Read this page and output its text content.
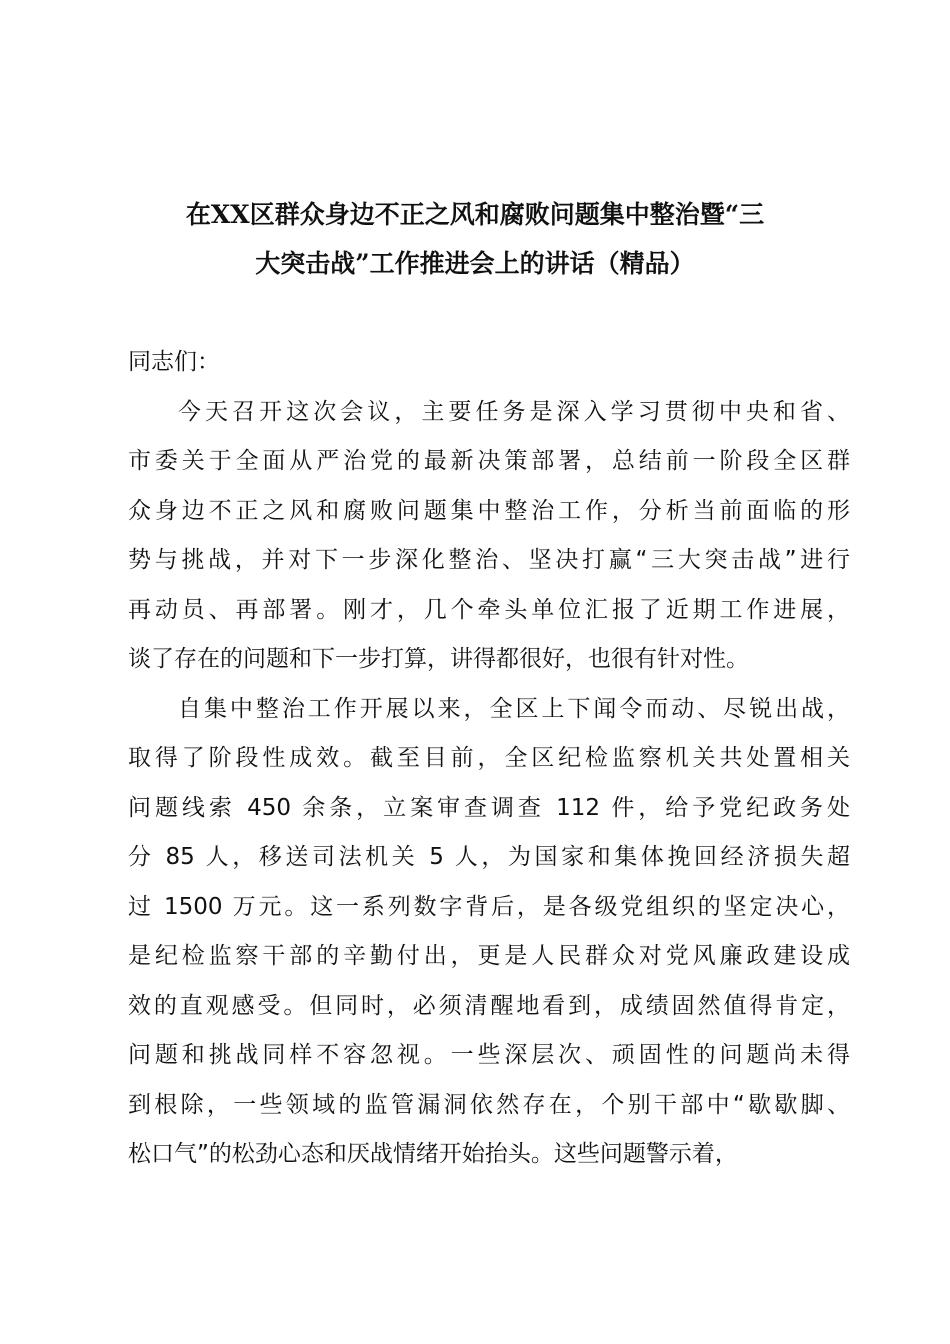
在XX区群众身边不正之风和腐败问题集中整治暨“三
大突击战”工作推进会上的讲话（精品）

同志们：

今天召开这次会议，主要任务是深入学习贯彻中央和省、
市委关于全面从严治党的最新决策部署，总结前一阶段全区群
众身边不正之风和腐败问题集中整治工作，分析当前面临的形
势与挑战，并对下一步深化整治、坚决打赢“三大突击战”进行
再动员、再部署。刚才，几个牵头单位汇报了近期工作进展，
谈了存在的问题和下一步打算，讲得都很好，也很有针对性。

自集中整治工作开展以来，全区上下闻令而动、尽锐出战，
取得了阶段性成效。截至目前，全区纪检监察机关共处置相关
问题线索 450 余条，立案审查调查 112 件，给予党纪政务处
分 85 人，移送司法机关 5 人，为国家和集体挽回经济损失超
过 1500 万元。这一系列数字背后，是各级党组织的坚定决心，
是纪检监察干部的辛勤付出，更是人民群众对党风廉政建设成
效的直观感受。但同时，必须清醒地看到，成绩固然值得肯定，
问题和挑战同样不容忽视。一些深层次、顽固性的问题尚未得
到根除，一些领域的监管漏洞依然存在，个别干部中“歇歇脚、
松口气”的松劲心态和厌战情绪开始抬头。这些问题警示着，
